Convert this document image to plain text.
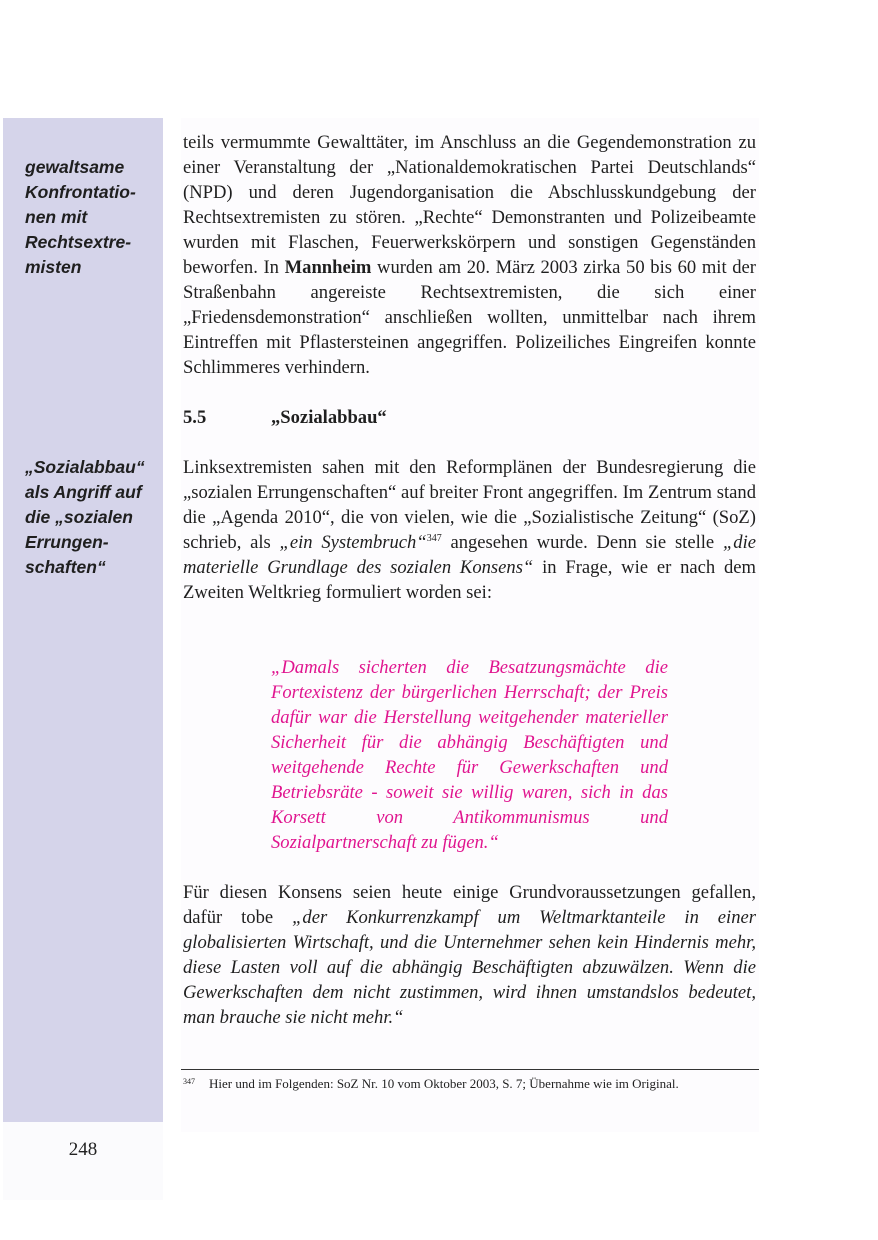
gewaltsame Konfrontatio-nen mit Rechtsextre-misten
„Sozialabbau“ als Angriff auf die „sozialen Errungen-schaften“
248
teils vermummte Gewalttäter, im Anschluss an die Gegendemonstration zu einer Veranstaltung der „Nationaldemokratischen Partei Deutschlands“ (NPD) und deren Jugendorganisation die Abschlusskundgebung der Rechtsextremisten zu stören. „Rechte“ Demonstranten und Polizeibeamte wurden mit Flaschen, Feuerwerkskörpern und sonstigen Gegenständen beworfen. In Mannheim wurden am 20. März 2003 zirka 50 bis 60 mit der Straßenbahn angereiste Rechtsextremisten, die sich einer „Friedensdemonstration“ anschließen wollten, unmittelbar nach ihrem Eintreffen mit Pflastersteinen angegriffen. Polizeiliches Eingreifen konnte Schlimmeres verhindern.
5.5	„Sozialabbau“
Linksextremisten sahen mit den Reformplänen der Bundesregierung die „sozialen Errungenschaften“ auf breiter Front angegriffen. Im Zentrum stand die „Agenda 2010“, die von vielen, wie die „Sozialistische Zeitung“ (SoZ) schrieb, als „ein Systembruch“$^{347}$ angesehen wurde. Denn sie stelle „die materielle Grundlage des sozialen Konsens“ in Frage, wie er nach dem Zweiten Weltkrieg formuliert worden sei:
„Damals sicherten die Besatzungsmächte die Fortexistenz der bürgerlichen Herrschaft; der Preis dafür war die Herstellung weitgehender materieller Sicherheit für die abhängig Beschäftigten und weitgehende Rechte für Gewerkschaften und Betriebsräte - soweit sie willig waren, sich in das Korsett von Antikommunismus und Sozialpartnerschaft zu fügen.“
Für diesen Konsens seien heute einige Grundvoraussetzungen gefallen, dafür tobe „der Konkurrenzkampf um Weltmarktanteile in einer globalisierten Wirtschaft, und die Unternehmer sehen kein Hindernis mehr, diese Lasten voll auf die abhängig Beschäftigten abzuwälzen. Wenn die Gewerkschaften dem nicht zustimmen, wird ihnen umstandslos bedeutet, man brauche sie nicht mehr.“
$^{347}$ Hier und im Folgenden: SoZ Nr. 10 vom Oktober 2003, S. 7; Übernahme wie im Original.
